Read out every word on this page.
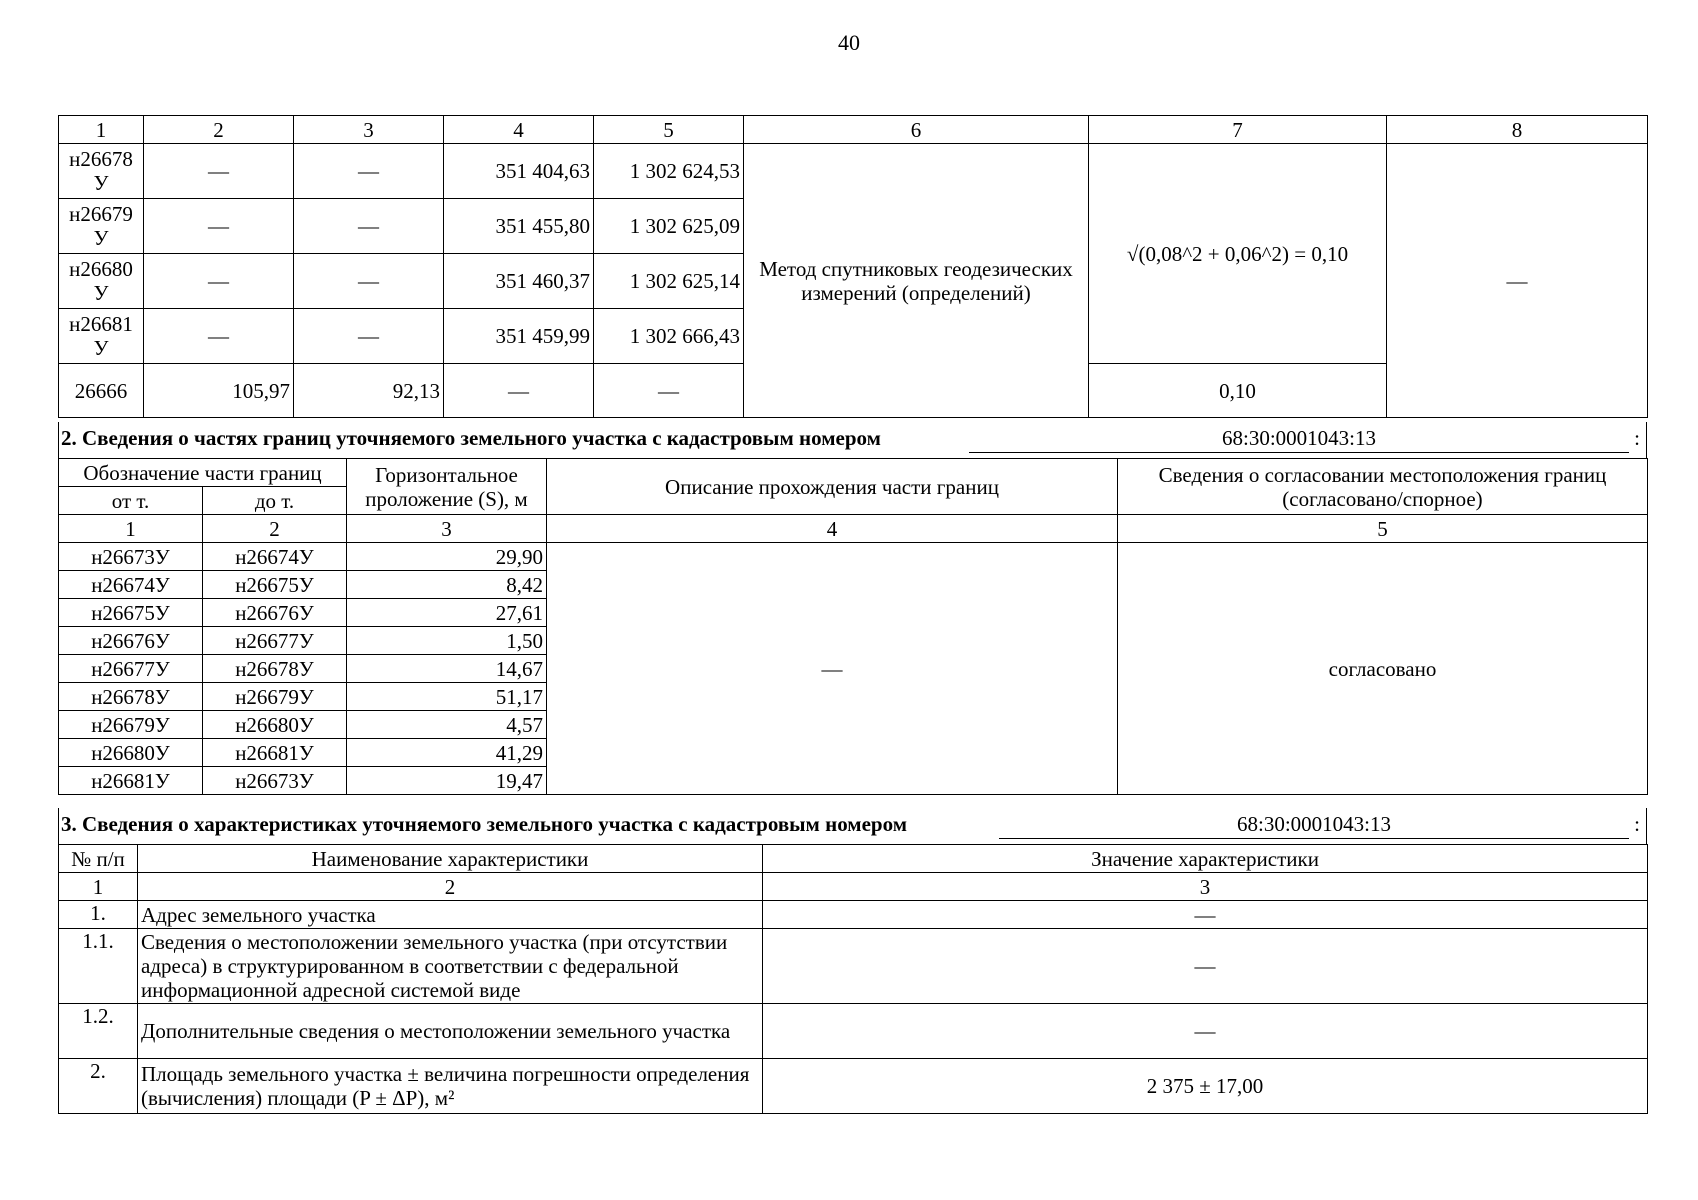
40
1	2	3	4	5	6	7	8
н26678 У	—	—	351 404,63	1 302 624,53	Метод спутниковых геодезических измерений (определений)	√(0,08^2 + 0,06^2) = 0,10	—
н26679 У	—	—	351 455,80	1 302 625,09			
н26680 У	—	—	351 460,37	1 302 625,14			
н26681 У	—	—	351 459,99	1 302 666,43			
26666	105,97	92,13	—	—		0,10	
2. Сведения о частях границ уточняемого земельного участка с кадастровым номером	68:30:0001043:13	:
Обозначение части границ		Горизонтальное проложение (S), м	Описание прохождения части границ	Сведения о согласовании местоположения границ (согласовано/спорное)
от т.	до т.			
1	2	3	4	5
н26673У	н26674У	29,90	—	согласовано
н26674У	н26675У	8,42		
н26675У	н26676У	27,61		
н26676У	н26677У	1,50		
н26677У	н26678У	14,67		
н26678У	н26679У	51,17		
н26679У	н26680У	4,57		
н26680У	н26681У	41,29		
н26681У	н26673У	19,47		
3. Сведения о характеристиках уточняемого земельного участка с кадастровым номером	68:30:0001043:13	:
№ п/п	Наименование характеристики	Значение характеристики
1	2	3
1.	Адрес земельного участка	—
1.1.	Сведения о местоположении земельного участка (при отсутствии адреса) в структурированном в соответствии с федеральной информационной адресной системой виде	—
1.2.	Дополнительные сведения о местоположении земельного участка	—
2.	Площадь земельного участка ± величина погрешности определения (вычисления) площади (P ± ΔP), м²	2 375 ± 17,00
